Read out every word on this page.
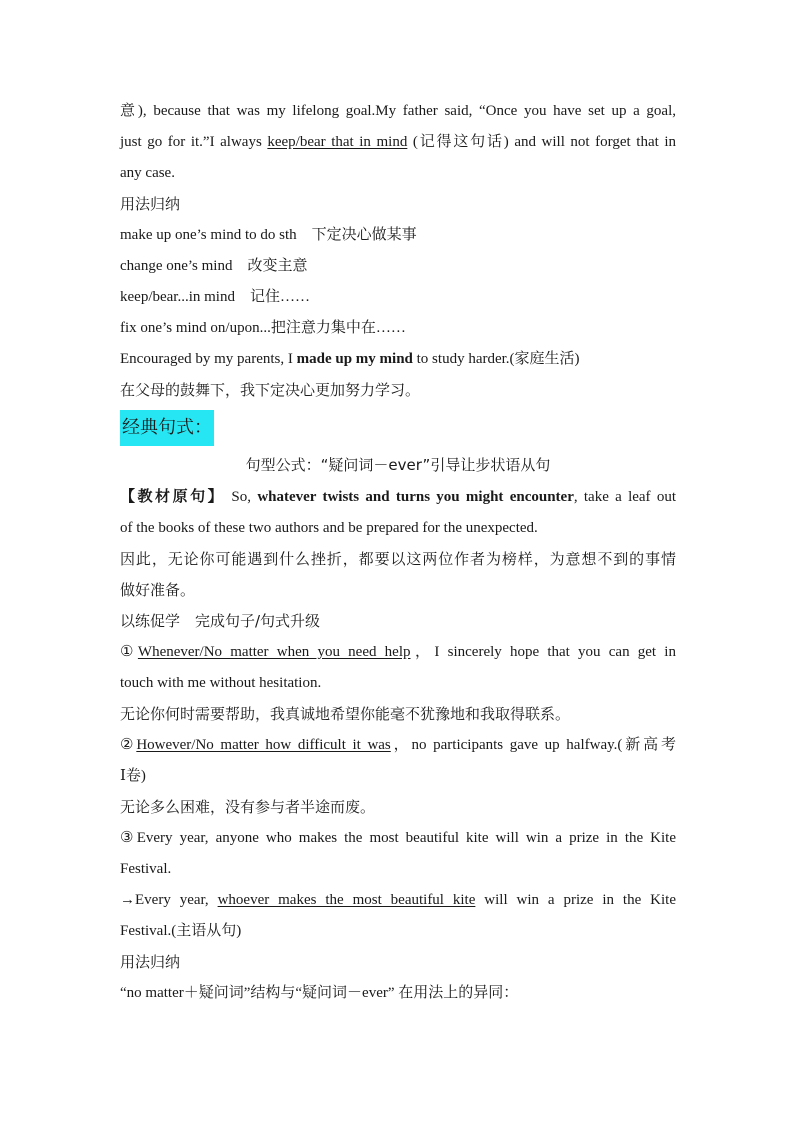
意), because that was my lifelong goal.My father said, “Once you have set up a goal,
just go for it.”I always keep/bear that in mind (记得这句话) and will not forget that in
any case.
用法归纳
make up one’s mind to do sth　下定决心做某事
change one’s mind　改变主意
keep/bear...in mind　记住……
fix one’s mind on/upon...把注意力集中在……
Encouraged by my parents, I made up my mind to study harder.(家庭生活)
在父母的鼓舞下，我下定决心更加努力学习。
经典句式：
句型公式：“疑问词－ever”引导让步状语从句
【教材原句】 So, whatever twists and turns you might encounter, take a leaf out
of the books of these two authors and be prepared for the unexpected.
因此，无论你可能遇到什么挫折，都要以这两位作者为榜样，为意想不到的事情
做好准备。
以练促学　完成句子/句式升级
①Whenever/No matter when you need help，I sincerely hope that you can get in
touch with me without hesitation.
无论你何时需要帮助，我真诚地希望你能毫不犹豫地和我取得联系。
②However/No matter how difficult it was，no participants gave up halfway.(新高考
Ⅰ卷)
无论多么困难，没有参与者半途而废。
③Every year, anyone who makes the most beautiful kite will win a prize in the Kite
Festival.
→Every year, whoever makes the most beautiful kite will win a prize in the Kite
Festival.(主语从句)
用法归纳
“no matter＋疑问词”结构与“疑问词－ever” 在用法上的异同：
